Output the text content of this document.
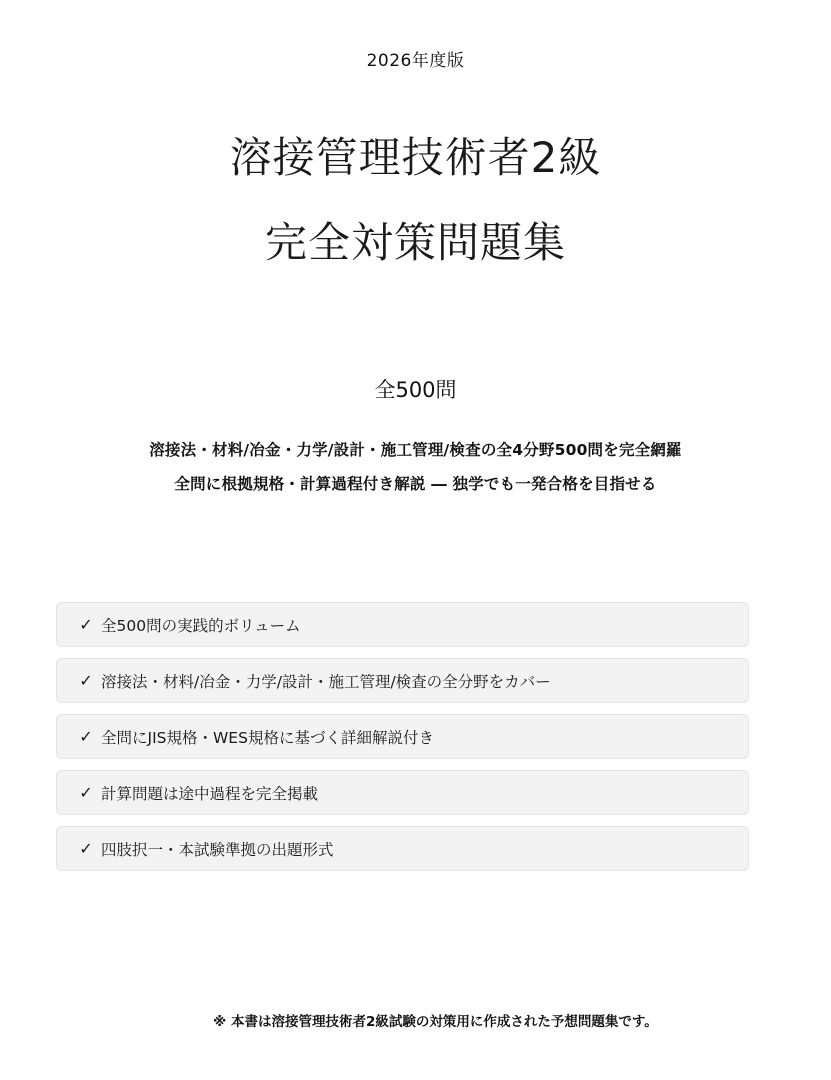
2026年度版
溶接管理技術者2級
完全対策問題集
全500問
溶接法・材料/冶金・力学/設計・施工管理/検査の全4分野500問を完全網羅
全問に根拠規格・計算過程付き解説 ― 独学でも一発合格を目指せる
✓ 全500問の実践的ボリューム
✓ 溶接法・材料/冶金・力学/設計・施工管理/検査の全分野をカバー
✓ 全問にJIS規格・WES規格に基づく詳細解説付き
✓ 計算問題は途中過程を完全掲載
✓ 四肢択一・本試験準拠の出題形式
※ 本書は溶接管理技術者2級試験の対策用に作成された予想問題集です。
